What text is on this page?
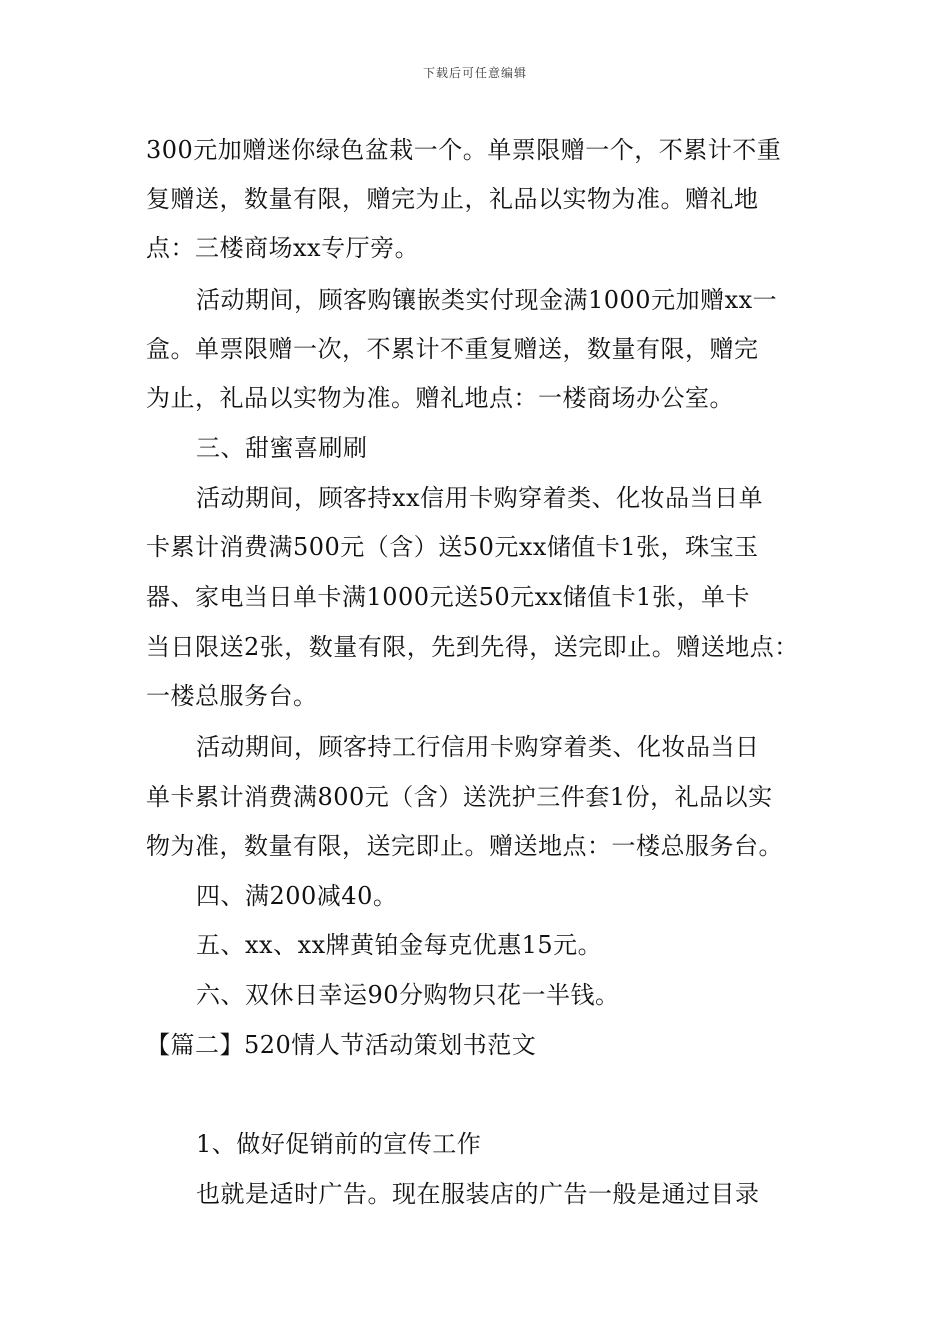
下载后可任意编辑
300元加赠迷你绿色盆栽一个。单票限赠一个，不累计不重
复赠送，数量有限，赠完为止，礼品以实物为准。赠礼地
点：三楼商场xx专厅旁。
活动期间，顾客购镶嵌类实付现金满1000元加赠xx一
盒。单票限赠一次，不累计不重复赠送，数量有限，赠完
为止，礼品以实物为准。赠礼地点：一楼商场办公室。
三、甜蜜喜刷刷
活动期间，顾客持xx信用卡购穿着类、化妆品当日单
卡累计消费满500元（含）送50元xx储值卡1张，珠宝玉
器、家电当日单卡满1000元送50元xx储值卡1张，单卡
当日限送2张，数量有限，先到先得，送完即止。赠送地点：
一楼总服务台。
活动期间，顾客持工行信用卡购穿着类、化妆品当日
单卡累计消费满800元（含）送洗护三件套1份，礼品以实
物为准，数量有限，送完即止。赠送地点：一楼总服务台。
四、满200减40。
五、xx、xx牌黄铂金每克优惠15元。
六、双休日幸运90分购物只花一半钱。
【篇二】520情人节活动策划书范文
1、做好促销前的宣传工作
也就是适时广告。现在服装店的广告一般是通过目录
